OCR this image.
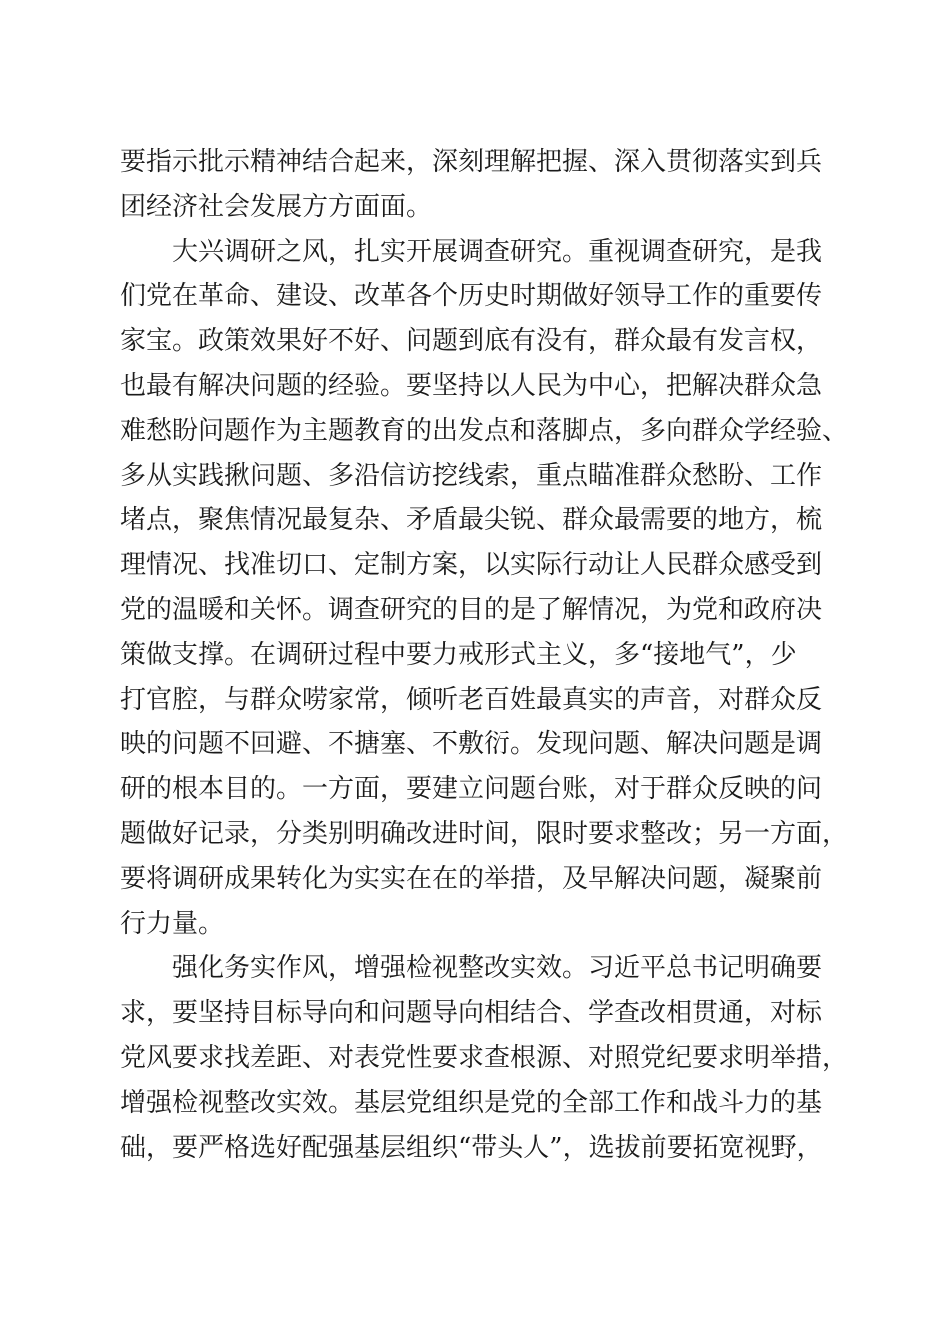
要指示批示精神结合起来，深刻理解把握、深入贯彻落实到兵
团经济社会发展方方面面。
大兴调研之风，扎实开展调查研究。重视调查研究，是我
们党在革命、建设、改革各个历史时期做好领导工作的重要传
家宝。政策效果好不好、问题到底有没有，群众最有发言权，
也最有解决问题的经验。要坚持以人民为中心，把解决群众急
难愁盼问题作为主题教育的出发点和落脚点，多向群众学经验、
多从实践揪问题、多沿信访挖线索，重点瞄准群众愁盼、工作
堵点，聚焦情况最复杂、矛盾最尖锐、群众最需要的地方，梳
理情况、找准切口、定制方案，以实际行动让人民群众感受到
党的温暖和关怀。调查研究的目的是了解情况，为党和政府决
策做支撑。在调研过程中要力戒形式主义，多“接地气”，少
打官腔，与群众唠家常，倾听老百姓最真实的声音，对群众反
映的问题不回避、不搪塞、不敷衍。发现问题、解决问题是调
研的根本目的。一方面，要建立问题台账，对于群众反映的问
题做好记录，分类别明确改进时间，限时要求整改；另一方面，
要将调研成果转化为实实在在的举措，及早解决问题，凝聚前
行力量。
强化务实作风，增强检视整改实效。习近平总书记明确要
求，要坚持目标导向和问题导向相结合、学查改相贯通，对标
党风要求找差距、对表党性要求查根源、对照党纪要求明举措，
增强检视整改实效。基层党组织是党的全部工作和战斗力的基
础，要严格选好配强基层组织“带头人”，选拔前要拓宽视野，
